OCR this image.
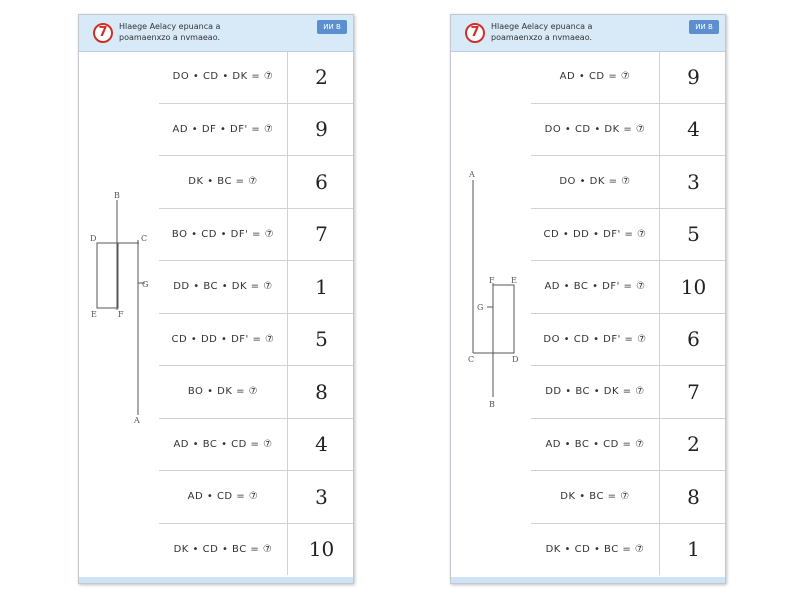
7	Hlaege Aelacy epuanca a
poamaenxzo a nvmaeao.
ИИ В
B
D	C
G
E	F
A
DO • CD • DK = ⑦	2
AD • DF • DF' = ⑦	9
DK • BC = ⑦	6
BO • CD • DF' = ⑦	7
DD • BC • DK = ⑦	1
CD • DD • DF' = ⑦	5
BO • DK = ⑦	8
AD • BC • CD = ⑦	4
AD • CD = ⑦	3
DK • CD • BC = ⑦	10
7	Hlaege Aelacy epuanca a
poamaenxzo a nvmaeao.
ИИ В
A
F E
G
C	D
B
AD • CD = ⑦	9
DO • CD • DK = ⑦	4
DO • DK = ⑦	3
CD • DD • DF' = ⑦	5
AD • BC • DF' = ⑦	10
DO • CD • DF' = ⑦	6
DD • BC • DK = ⑦	7
AD • BC • CD = ⑦	2
DK • BC = ⑦	8
DK • CD • BC = ⑦	1
